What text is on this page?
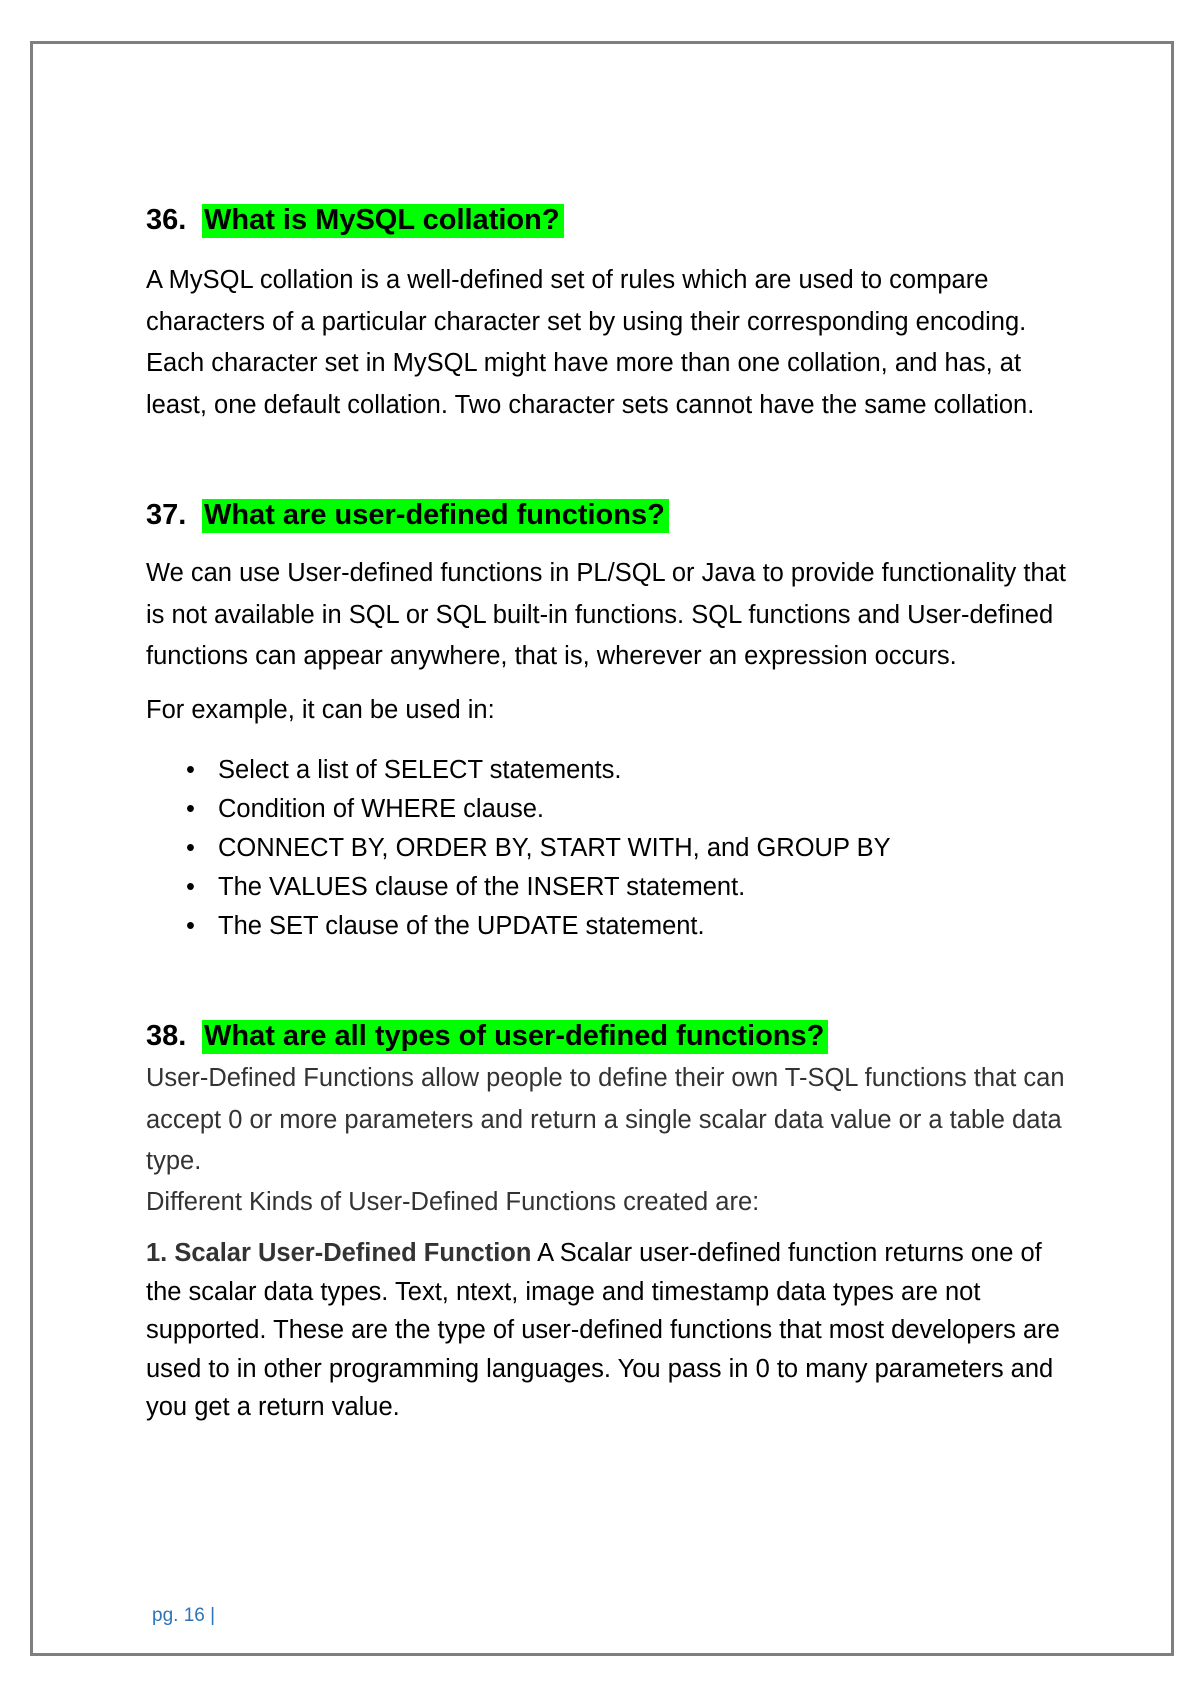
36. What is MySQL collation?

A MySQL collation is a well-defined set of rules which are used to compare characters of a particular character set by using their corresponding encoding. Each character set in MySQL might have more than one collation, and has, at least, one default collation. Two character sets cannot have the same collation.

37. What are user-defined functions?

We can use User-defined functions in PL/SQL or Java to provide functionality that is not available in SQL or SQL built-in functions. SQL functions and User-defined functions can appear anywhere, that is, wherever an expression occurs.

For example, it can be used in:

• Select a list of SELECT statements.
• Condition of WHERE clause.
• CONNECT BY, ORDER BY, START WITH, and GROUP BY
• The VALUES clause of the INSERT statement.
• The SET clause of the UPDATE statement.
38. What are all types of user-defined functions?

User-Defined Functions allow people to define their own T-SQL functions that can accept 0 or more parameters and return a single scalar data value or a table data type.

Different Kinds of User-Defined Functions created are:

1. Scalar User-Defined Function A Scalar user-defined function returns one of the scalar data types. Text, ntext, image and timestamp data types are not supported. These are the type of user-defined functions that most developers are used to in other programming languages. You pass in 0 to many parameters and you get a return value.

pg. 16 |
